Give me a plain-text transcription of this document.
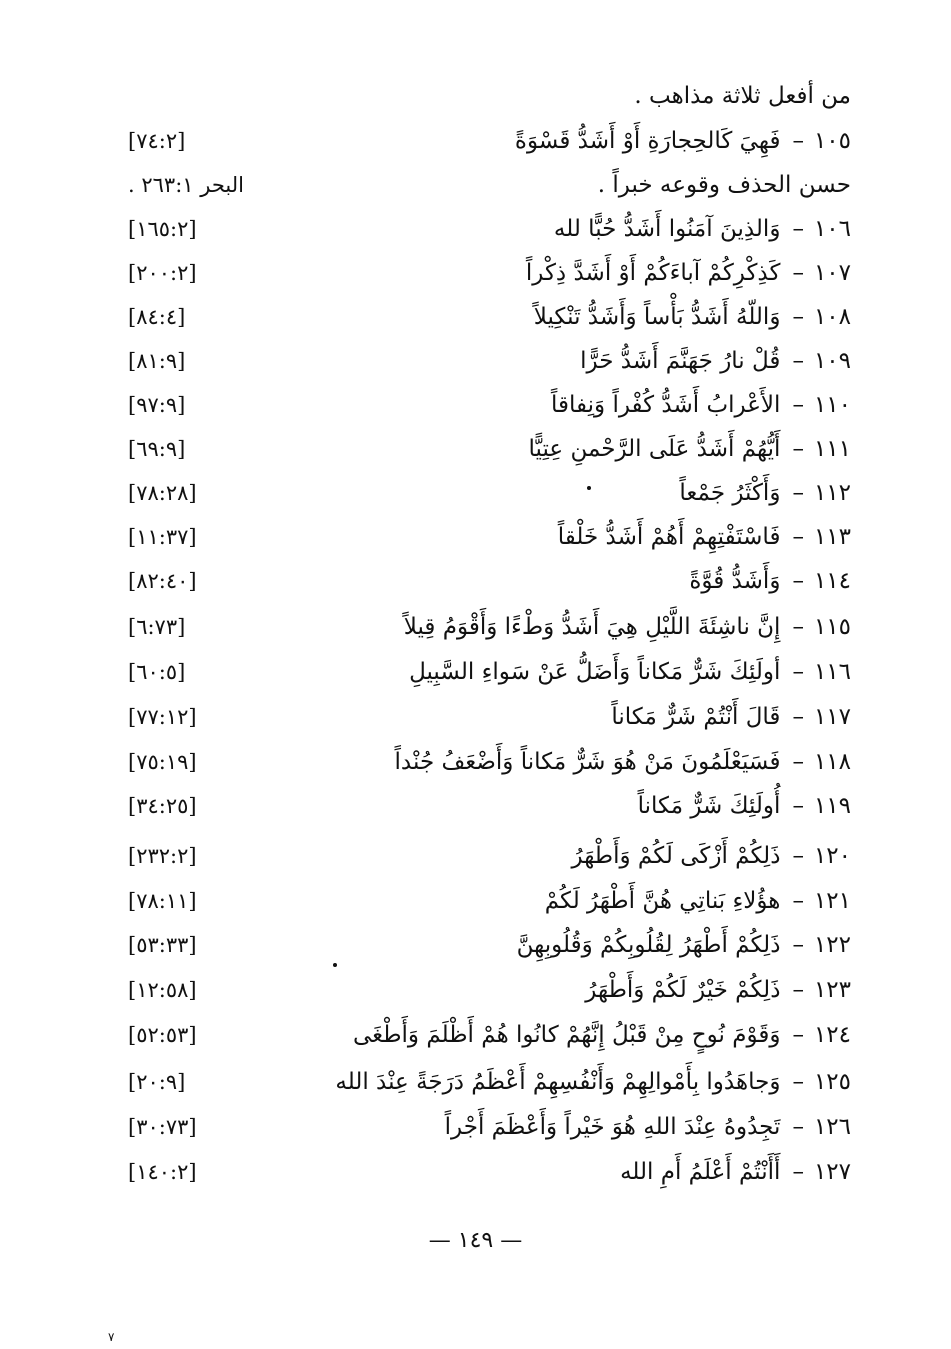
من أفعل ثلاثة مذاهب .
١٠٥–فَهِيَ كَالحِجارَةِ أَوْ أَشَدُّ قَسْوَةً
[٧٤:٢]
حسن الحذف وقوعه خبراً .
البحر ٢٦٣:١ .
١٠٦–وَالذِينَ آمَنُوا أَشَدُّ حُبًّا لله
[١٦٥:٢]
١٠٧–كَذِكْرِكُمْ آباءَكُمْ أَوْ أَشَدَّ ذِكْراً
[٢٠٠:٢]
١٠٨–وَاللّهُ أَشَدُّ بَأْساً وَأَشَدُّ تَنْكِيلاً
[٨٤:٤]
١٠٩–قُلْ نارُ جَهَنَّمَ أَشَدُّ حَرًّا
[٨١:٩]
١١٠–الأَعْرابُ أَشَدُّ كُفْراً وَنِفاقاً
[٩٧:٩]
١١١–أَيُّهُمْ أَشَدُّ عَلَى الرَّحْمنِ عِتِيًّا
[٦٩:٩]
١١٢–وَأَكْثَرُ جَمْعاً
[٧٨:٢٨]
١١٣–فَاسْتَفْتِهِمْ أَهُمْ أَشَدُّ خَلْقاً
[١١:٣٧]
١١٤–وَأَشَدُّ قُوَّةً
[٨٢:٤٠]
١١٥–إِنَّ ناشِئَةَ اللَّيْلِ هِيَ أَشَدُّ وَطْءًا وَأَقْوَمُ قِيلاً
[٦:٧٣]
١١٦–أولَئِكَ شَرٌّ مَكاناً وَأَضَلُّ عَنْ سَواءِ السَّبِيلِ
[٦٠:٥]
١١٧–قَالَ أَنْتُمْ شَرٌّ مَكاناً
[٧٧:١٢]
١١٨–فَسَيَعْلَمُونَ مَنْ هُوَ شَرٌّ مَكاناً وَأَضْعَفُ جُنْداً
[٧٥:١٩]
١١٩–أُولَئِكَ شَرٌّ مَكاناً
[٣٤:٢٥]
١٢٠–ذَلِكُمْ أَزْكَى لَكُمْ وَأَطْهَرُ
[٢٣٢:٢]
١٢١–هؤُلاءِ بَناتِي هُنَّ أَطْهَرُ لَكُمْ
[٧٨:١١]
١٢٢–ذَلِكُمْ أَطْهَرُ لِقُلُوبِكُمْ وَقُلُوبِهِنَّ
[٥٣:٣٣]
١٢٣–ذَلِكُمْ خَيْرٌ لَكُمْ وَأَطْهَرُ
[١٢:٥٨]
١٢٤–وَقَوْمَ نُوحٍ مِنْ قَبْلُ إِنَّهُمْ كانُوا هُمْ أَظْلَمَ وَأَطْغَى
[٥٢:٥٣]
١٢٥–وَجاهَدُوا بِأَمْوالِهِمْ وَأَنْفُسِهِمْ أَعْظَمُ دَرَجَةً عِنْدَ الله
[٢٠:٩]
١٢٦–تَجِدُوهُ عِنْدَ اللهِ هُوَ خَيْراً وَأَعْظَمَ أَجْراً
[٣٠:٧٣]
١٢٧–أَأَنْتُمْ أَعْلَمُ أَمِ الله
[١٤٠:٢]
— ١٤٩ —
٧
